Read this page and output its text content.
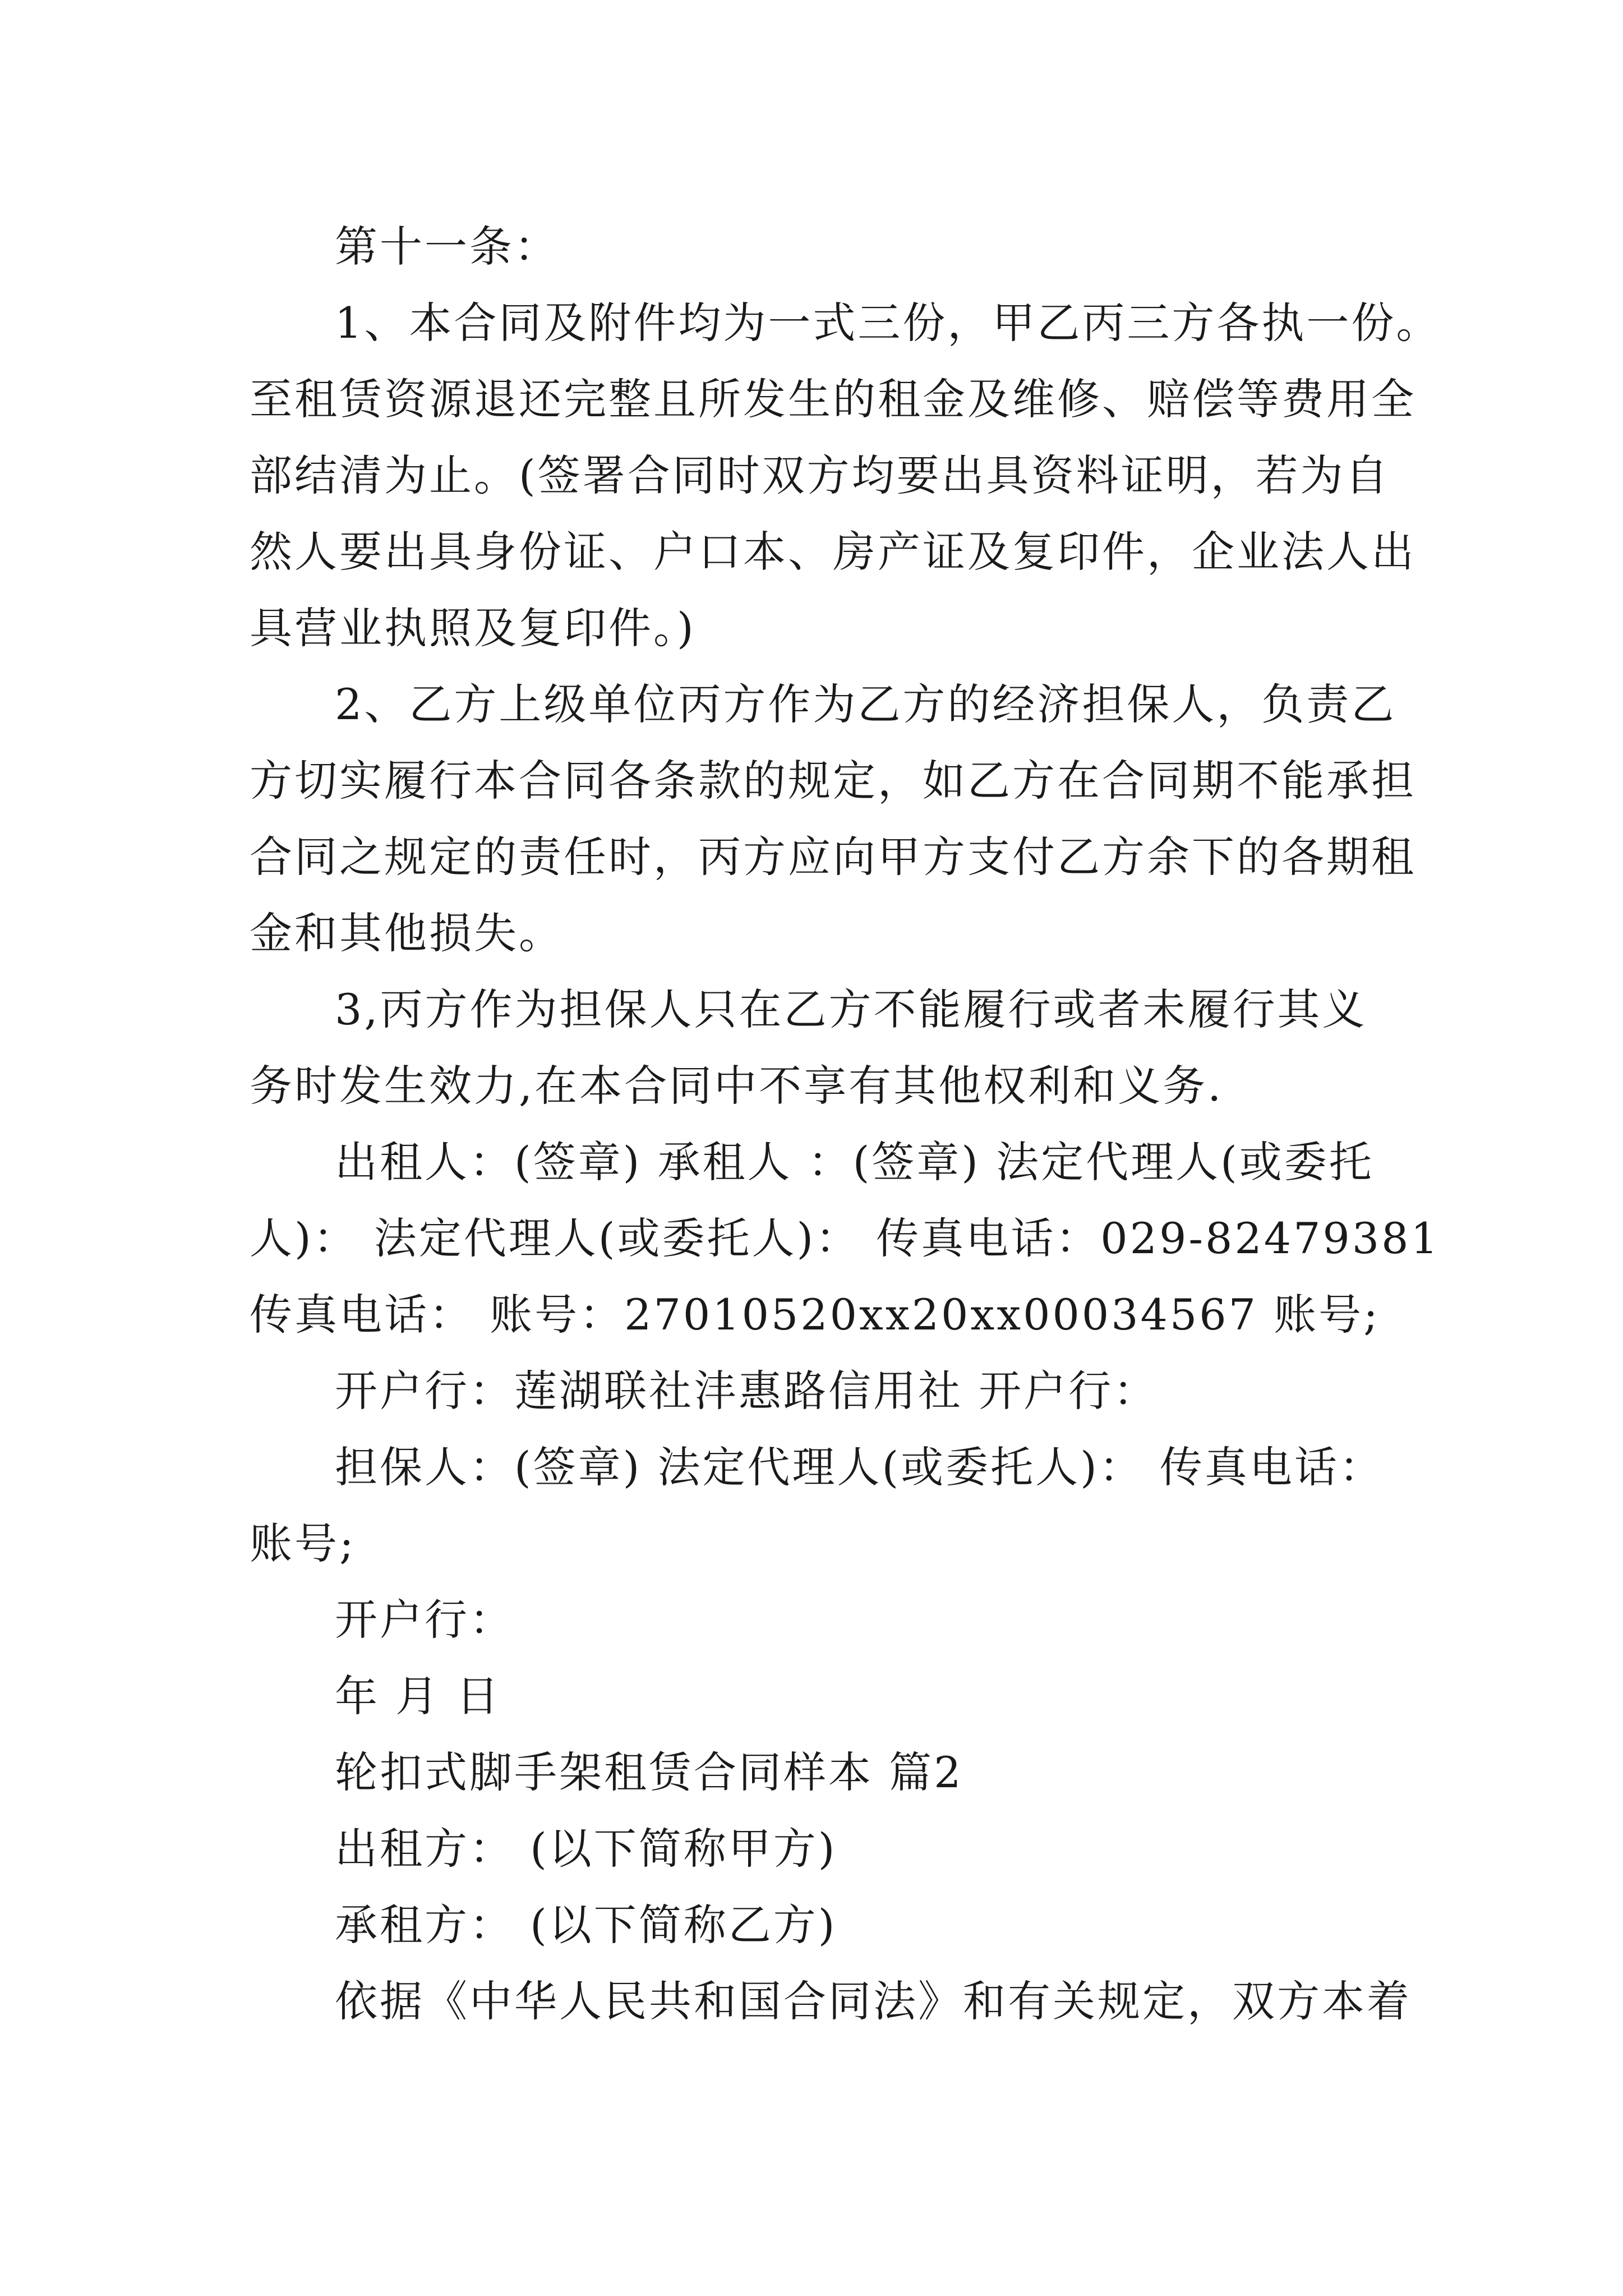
第十一条：
1、本合同及附件均为一式三份，甲乙丙三方各执一份。
至租赁资源退还完整且所发生的租金及维修、赔偿等费用全
部结清为止。(签署合同时双方均要出具资料证明，若为自
然人要出具身份证、户口本、房产证及复印件，企业法人出
具营业执照及复印件。)
2、乙方上级单位丙方作为乙方的经济担保人，负责乙
方切实履行本合同各条款的规定，如乙方在合同期不能承担
合同之规定的责任时，丙方应向甲方支付乙方余下的各期租
金和其他损失。
3,丙方作为担保人只在乙方不能履行或者未履行其义
务时发生效力,在本合同中不享有其他权利和义务.
出租人：(签章) 承租人 ：(签章) 法定代理人(或委托
人)： 法定代理人(或委托人)： 传真电话：029-82479381
传真电话： 账号：27010520xx20xx00034567 账号;
开户行：莲湖联社沣惠路信用社 开户行：
担保人：(签章) 法定代理人(或委托人)： 传真电话：
账号;
开户行：
年 月 日
轮扣式脚手架租赁合同样本 篇2
出租方： (以下简称甲方)
承租方： (以下简称乙方)
依据《中华人民共和国合同法》和有关规定，双方本着
